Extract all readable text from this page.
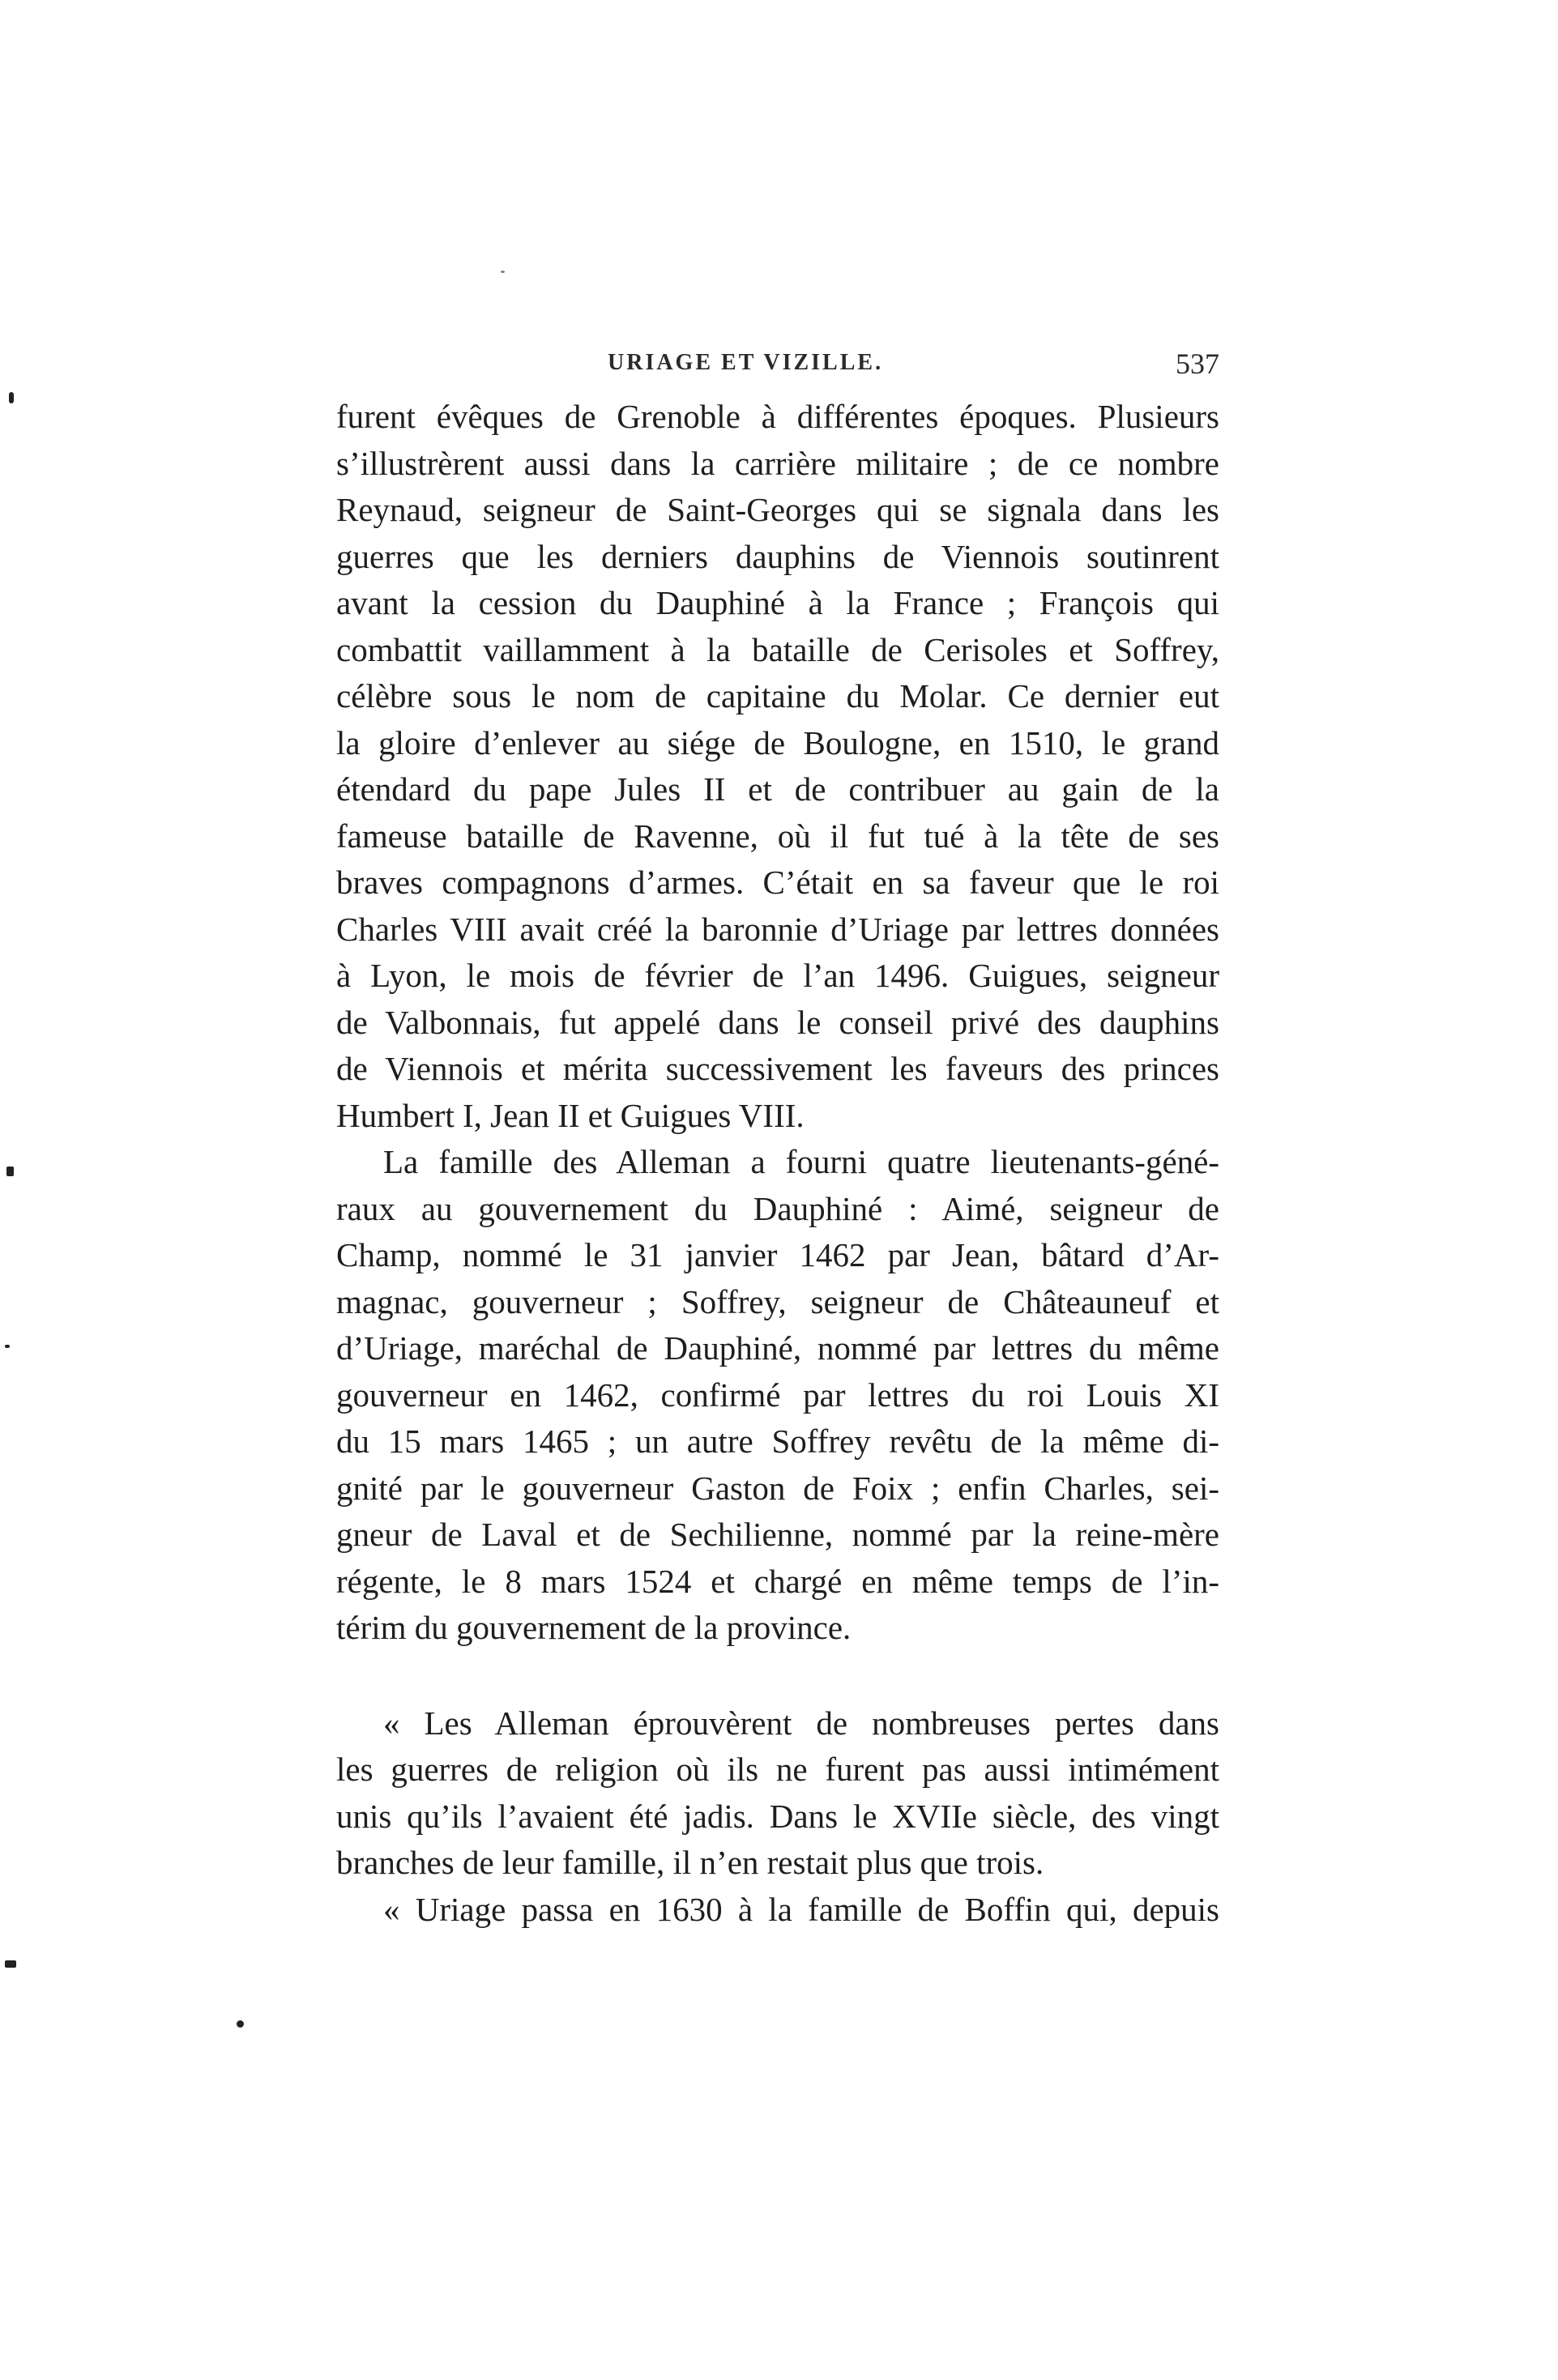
URIAGE ET VIZILLE.	537

furent évêques de Grenoble à différentes époques. Plusieurs
s’illustrèrent aussi dans la carrière militaire ; de ce nombre
Reynaud, seigneur de Saint-Georges qui se signala dans les
guerres que les derniers dauphins de Viennois soutinrent
avant la cession du Dauphiné à la France ; François qui
combattit vaillamment à la bataille de Cerisoles et Soffrey,
célèbre sous le nom de capitaine du Molar. Ce dernier eut
la gloire d’enlever au siége de Boulogne, en 1510, le grand
étendard du pape Jules II et de contribuer au gain de la
fameuse bataille de Ravenne, où il fut tué à la tête de ses
braves compagnons d’armes. C’était en sa faveur que le roi
Charles VIII avait créé la baronnie d’Uriage par lettres données
à Lyon, le mois de février de l’an 1496. Guigues, seigneur
de Valbonnais, fut appelé dans le conseil privé des dauphins
de Viennois et mérita successivement les faveurs des princes
Humbert I, Jean II et Guigues VIII.

La famille des Alleman a fourni quatre lieutenants-géné-
raux au gouvernement du Dauphiné : Aimé, seigneur de
Champ, nommé le 31 janvier 1462 par Jean, bâtard d’Ar-
magnac, gouverneur ; Soffrey, seigneur de Châteauneuf et
d’Uriage, maréchal de Dauphiné, nommé par lettres du même
gouverneur en 1462, confirmé par lettres du roi Louis XI
du 15 mars 1465 ; un autre Soffrey revêtu de la même di-
gnité par le gouverneur Gaston de Foix ; enfin Charles, sei-
gneur de Laval et de Sechilienne, nommé par la reine-mère
régente, le 8 mars 1524 et chargé en même temps de l’in-
térim du gouvernement de la province.

« Les Alleman éprouvèrent de nombreuses pertes dans
les guerres de religion où ils ne furent pas aussi intimément
unis qu’ils l’avaient été jadis. Dans le XVIIe siècle, des vingt
branches de leur famille, il n’en restait plus que trois.

« Uriage passa en 1630 à la famille de Boffin qui, depuis
